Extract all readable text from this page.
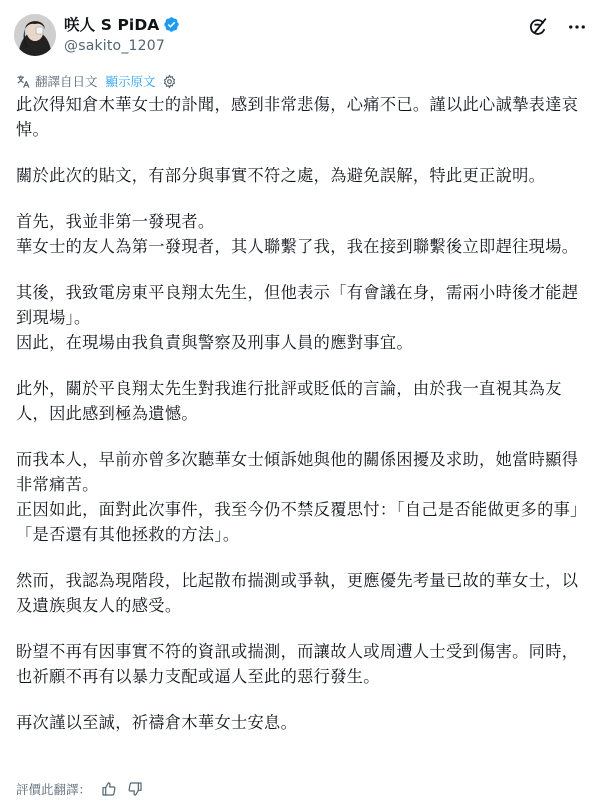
咲人 S PiDA
@sakito_1207
翻譯自日文 顯示原文

此次得知倉木華女士的訃聞，感到非常悲傷，心痛不已。謹以此心誠摯表達哀悼。

關於此次的貼文，有部分與事實不符之處，為避免誤解，特此更正說明。

首先，我並非第一發現者。
華女士的友人為第一發現者，其人聯繫了我，我在接到聯繫後立即趕往現場。

其後，我致電房東平良翔太先生，但他表示「有會議在身，需兩小時後才能趕到現場」。
因此，在現場由我負責與警察及刑事人員的應對事宜。

此外，關於平良翔太先生對我進行批評或貶低的言論，由於我一直視其為友人，因此感到極為遺憾。

而我本人，早前亦曾多次聽華女士傾訴她與他的關係困擾及求助，她當時顯得非常痛苦。
正因如此，面對此次事件，我至今仍不禁反覆思忖：「自己是否能做更多的事」「是否還有其他拯救的方法」。

然而，我認為現階段，比起散布揣測或爭執，更應優先考量已故的華女士，以及遺族與友人的感受。

盼望不再有因事實不符的資訊或揣測，而讓故人或周遭人士受到傷害。同時，也祈願不再有以暴力支配或逼人至此的惡行發生。

再次謹以至誠，祈禱倉木華女士安息。

評價此翻譯：
